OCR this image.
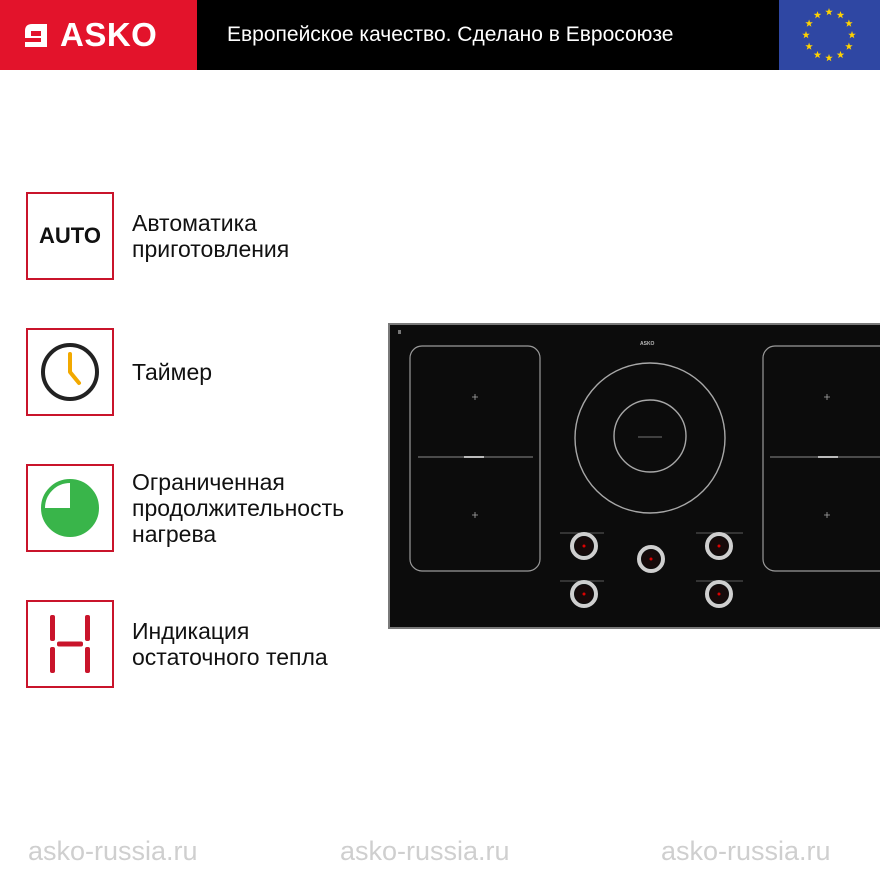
ASKO	Европейское качество. Сделано в Евросоюзе
AUTO Автоматика
приготовления
Таймер
Ограниченная
продолжительность
нагрева
Индикация
остаточного тепла
ASKO
asko-russia.ru	asko-russia.ru	asko-russia.ru
